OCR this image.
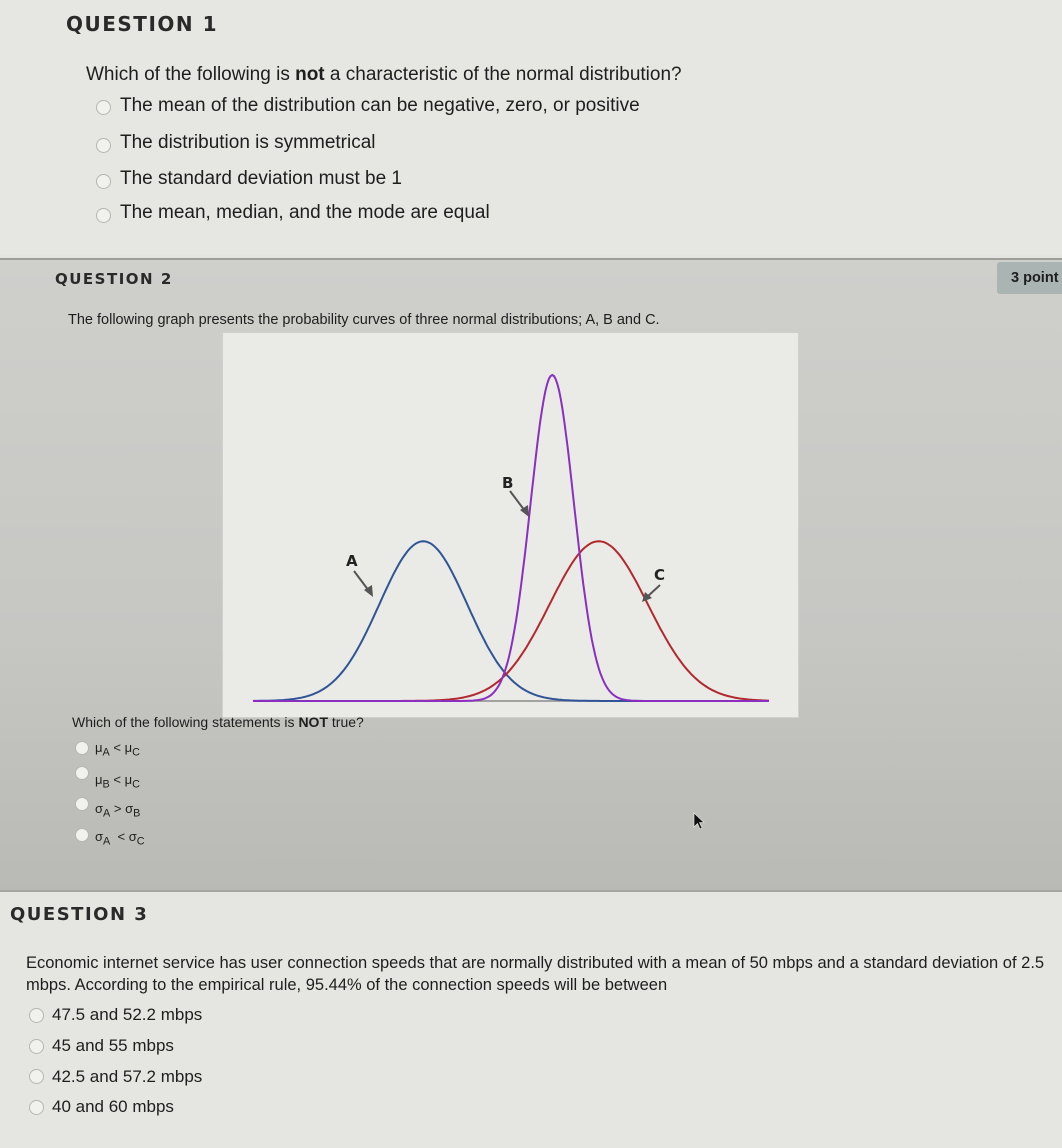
QUESTION 1
Which of the following is not a characteristic of the normal distribution?
The mean of the distribution can be negative, zero, or positive
The distribution is symmetrical
The standard deviation must be 1
The mean, median, and the mode are equal
QUESTION 2	3 point
The following graph presents the probability curves of three normal distributions; A, B and C.
A
B
C
Which of the following statements is NOT true?
$\mu_A < \mu_C$
$\mu_B < \mu_C$
$\sigma_A > \sigma_B$
$\sigma_A < \sigma_C$
QUESTION 3
Economic internet service has user connection speeds that are normally distributed with a mean of 50 mbps and a standard deviation of 2.5 mbps. According to the empirical rule, 95.44% of the connection speeds will be between
47.5 and 52.2 mbps
45 and 55 mbps
42.5 and 57.2 mbps
40 and 60 mbps
